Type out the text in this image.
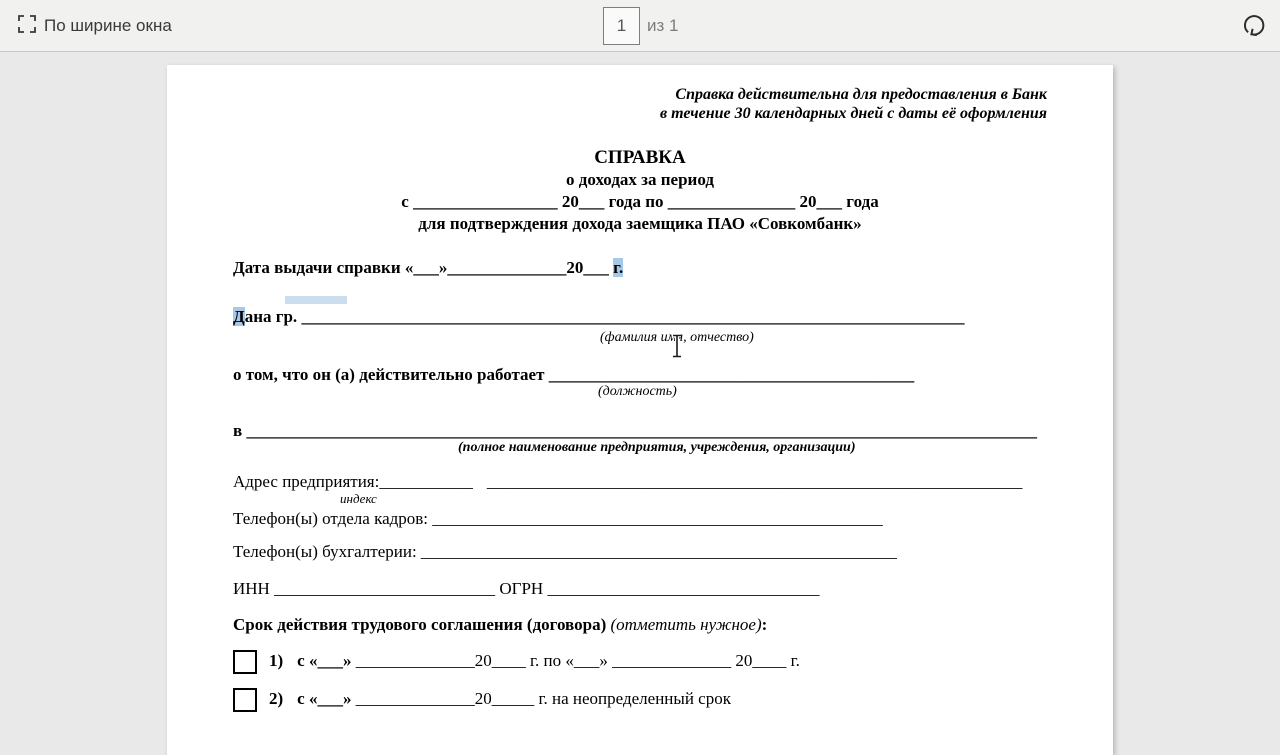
По ширине окна
1	из 1
Справка действительна для предоставления в Банк
в течение 30 календарных дней с даты её оформления
СПРАВКА
о доходах за период
с _________________ 20___ года по _______________ 20___ года
для подтверждения дохода заемщика ПАО «Совкомбанк»
Дата выдачи справки «___»______________20___ г.
Дана гр. ______________________________________________________________________________
(фамилия имя, отчество)
о том, что он (а) действительно работает ___________________________________________
(должность)
в _____________________________________________________________________________________________
(полное наименование предприятия, учреждения, организации)
Адрес предприятия:___________ _______________________________________________________________
индекс
Телефон(ы) отдела кадров: _____________________________________________________
Телефон(ы) бухгалтерии: ________________________________________________________
ИНН __________________________ ОГРН ________________________________
Срок действия трудового соглашения (договора) (отметить нужное):
1) с «___» ______________20____ г. по «___» ______________ 20____ г.
2) с «___» ______________20_____ г. на неопределенный срок
